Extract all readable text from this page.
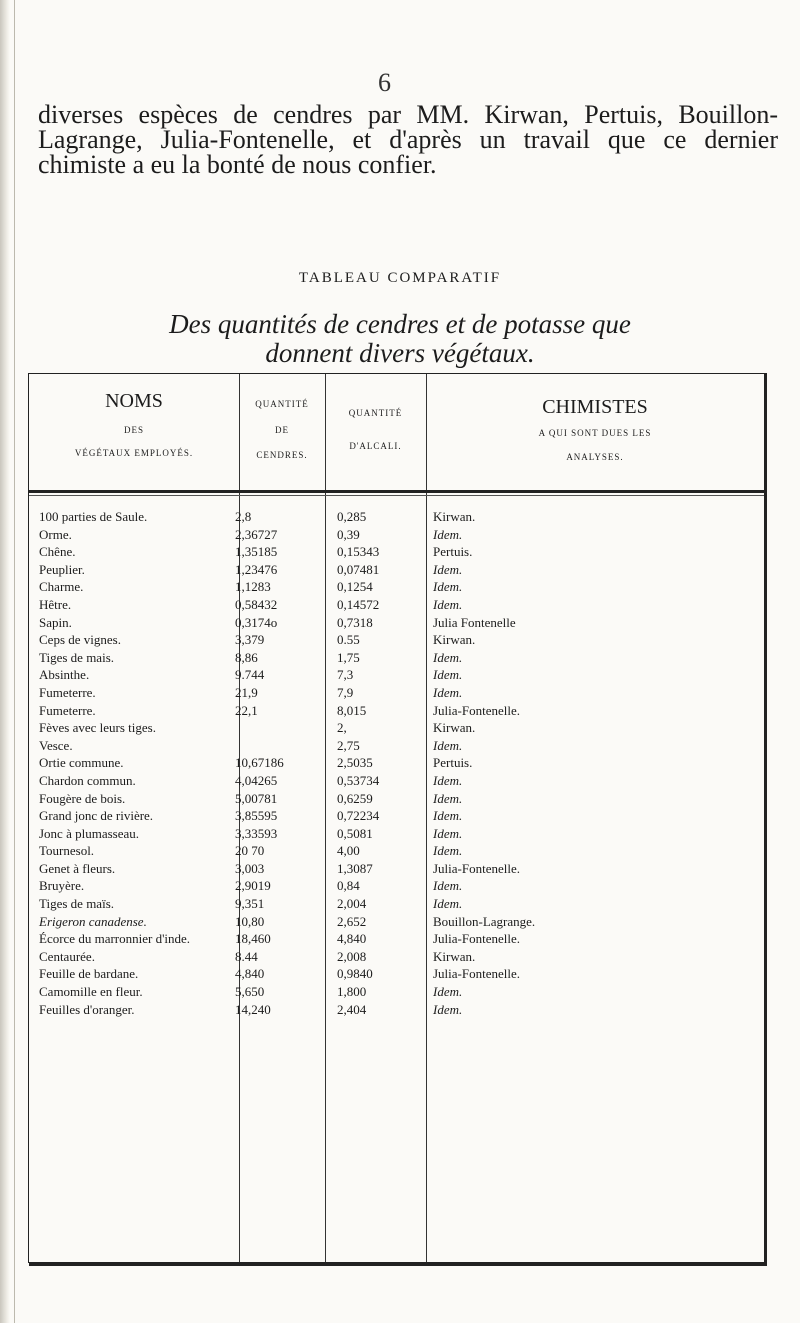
6
diverses espèces de cendres par MM. Kirwan, Pertuis, Bouillon-Lagrange, Julia-Fontenelle, et d'après un travail que ce dernier chimiste a eu la bonté de nous confier.
TABLEAU COMPARATIF
Des quantités de cendres et de potasse que
donnent divers végétaux.
NOMS
DES
VÉGÉTAUX EMPLOYÉS.
QUANTITÉ
DE
CENDRES.
QUANTITÉ
D'ALCALI.
CHIMISTES
A QUI SONT DUES LES
ANALYSES.
100 parties de Saule.
Orme.
Chêne.
Peuplier.
Charme.
Hêtre.
Sapin.
Ceps de vignes.
Tiges de mais.
Absinthe.
Fumeterre.
Fumeterre.
Fèves avec leurs tiges.
Vesce.
Ortie commune.
Chardon commun.
Fougère de bois.
Grand jonc de rivière.
Jonc à plumasseau.
Tournesol.
Genet à fleurs.
Bruyère.
Tiges de maïs.
Erigeron canadense.
Écorce du marronnier d'inde.
Centaurée.
Feuille de bardane.
Camomille en fleur.
Feuilles d'oranger.
2,8
2,36727
1,35185
1,23476
1,1283
0,58432
0,3174o
3,379
8,86
9.744
21,9
22,1
10,67186
4,04265
5,00781
3,85595
3,33593
20 70
3,003
2,9019
9,351
10,80
18,460
8.44
4,840
5,650
14,240
0,285
0,39
0,15343
0,07481
0,1254
0,14572
0,7318
0.55
1,75
7,3
7,9
8,015
2,
2,75
2,5035
0,53734
0,6259
0,72234
0,5081
4,00
1,3087
0,84
2,004
2,652
4,840
2,008
0,9840
1,800
2,404
Kirwan.
Idem.
Pertuis.
Idem.
Idem.
Idem.
Julia Fontenelle
Kirwan.
Idem.
Idem.
Idem.
Julia-Fontenelle.
Kirwan.
Idem.
Pertuis.
Idem.
Idem.
Idem.
Idem.
Idem.
Julia-Fontenelle.
Idem.
Idem.
Bouillon-Lagrange.
Julia-Fontenelle.
Kirwan.
Julia-Fontenelle.
Idem.
Idem.
